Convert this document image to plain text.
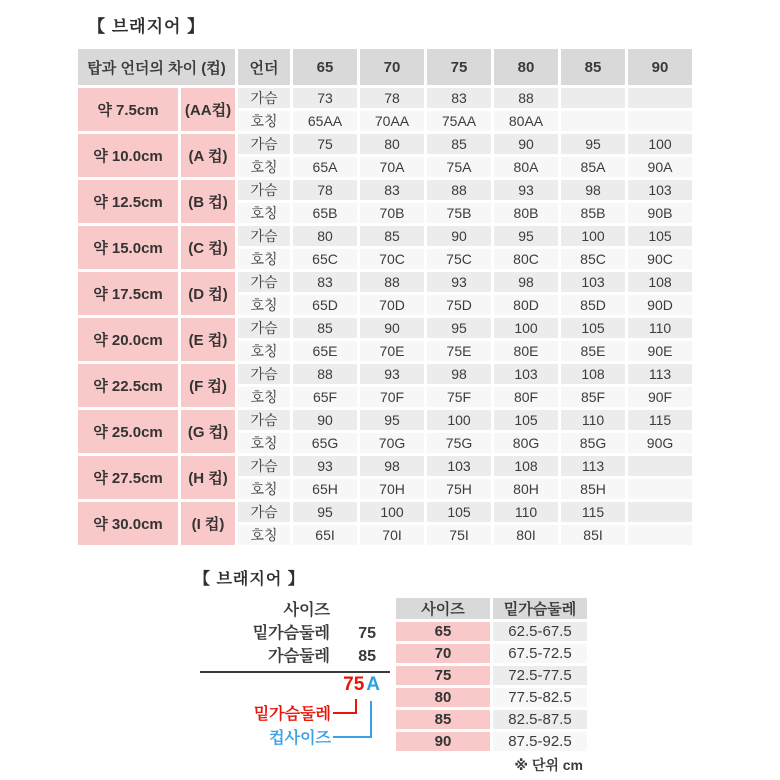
【 브래지어 】
탑과 언더의 차이 (컵)		언더	65	70	75	80	85	90
약 7.5cm	(AA컵)	가슴	73	78	83	88		
		호칭	65AA	70AA	75AA	80AA		
약 10.0cm	(A 컵)	가슴	75	80	85	90	95	100
		호칭	65A	70A	75A	80A	85A	90A
약 12.5cm	(B 컵)	가슴	78	83	88	93	98	103
		호칭	65B	70B	75B	80B	85B	90B
약 15.0cm	(C 컵)	가슴	80	85	90	95	100	105
		호칭	65C	70C	75C	80C	85C	90C
약 17.5cm	(D 컵)	가슴	83	88	93	98	103	108
		호칭	65D	70D	75D	80D	85D	90D
약 20.0cm	(E 컵)	가슴	85	90	95	100	105	110
		호칭	65E	70E	75E	80E	85E	90E
약 22.5cm	(F 컵)	가슴	88	93	98	103	108	113
		호칭	65F	70F	75F	80F	85F	90F
약 25.0cm	(G 컵)	가슴	90	95	100	105	110	115
		호칭	65G	70G	75G	80G	85G	90G
약 27.5cm	(H 컵)	가슴	93	98	103	108	113	
		호칭	65H	70H	75H	80H	85H	
약 30.0cm	(I 컵)	가슴	95	100	105	110	115	
		호칭	65I	70I	75I	80I	85I	
【 브래지어 】
사이즈
밑가슴둘레	75
가슴둘레	85
75 A
밑가슴둘레
컵사이즈
사이즈	밑가슴둘레
65	62.5-67.5
70	67.5-72.5
75	72.5-77.5
80	77.5-82.5
85	82.5-87.5
90	87.5-92.5
※ 단위 cm
